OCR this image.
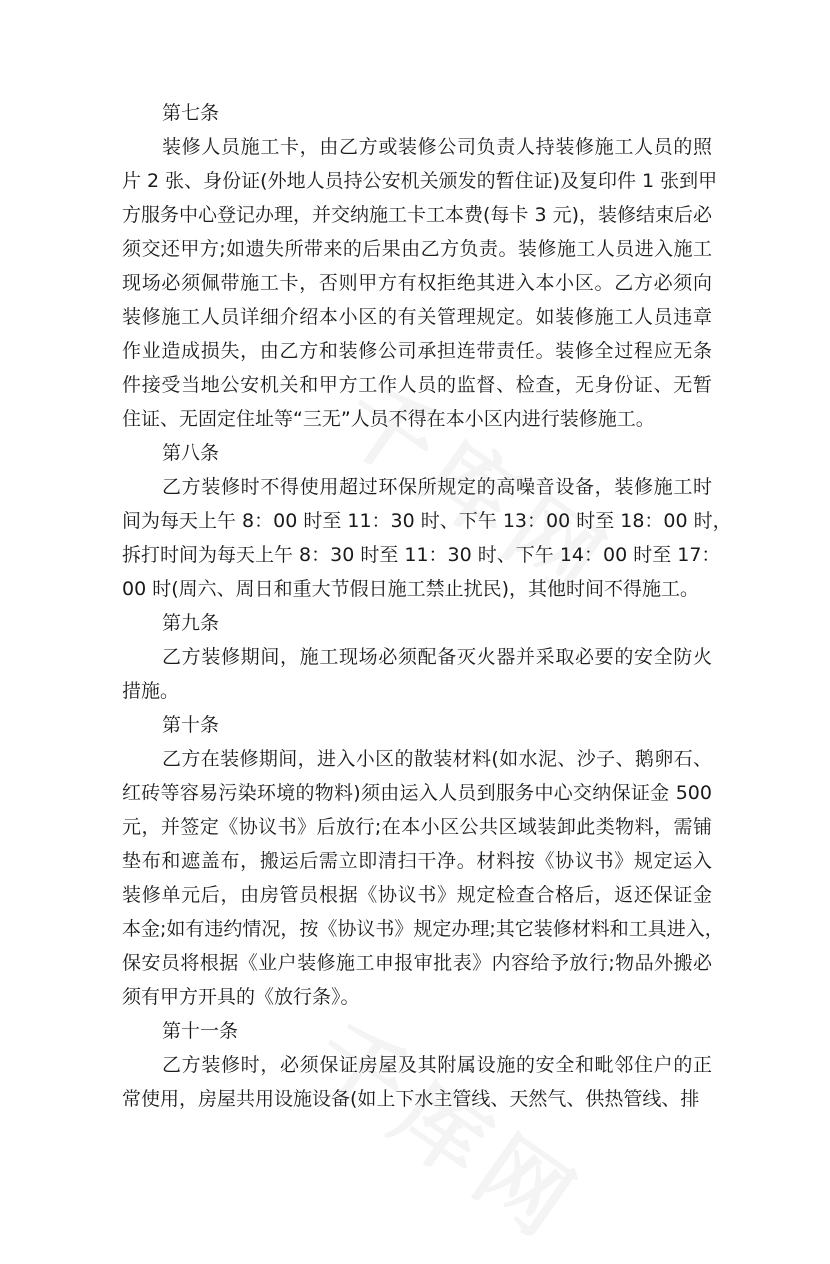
第七条
装修人员施工卡，由乙方或装修公司负责人持装修施工人员的照
片 2 张、身份证(外地人员持公安机关颁发的暂住证)及复印件 1 张到甲
方服务中心登记办理，并交纳施工卡工本费(每卡 3 元)，装修结束后必
须交还甲方;如遗失所带来的后果由乙方负责。装修施工人员进入施工
现场必须佩带施工卡，否则甲方有权拒绝其进入本小区。乙方必须向
装修施工人员详细介绍本小区的有关管理规定。如装修施工人员违章
作业造成损失，由乙方和装修公司承担连带责任。装修全过程应无条
件接受当地公安机关和甲方工作人员的监督、检查，无身份证、无暂
住证、无固定住址等“三无”人员不得在本小区内进行装修施工。
第八条
乙方装修时不得使用超过环保所规定的高噪音设备，装修施工时
间为每天上午 8：00 时至 11：30 时、下午 13：00 时至 18：00 时，
拆打时间为每天上午 8：30 时至 11：30 时、下午 14：00 时至 17：
00 时(周六、周日和重大节假日施工禁止扰民)，其他时间不得施工。
第九条
乙方装修期间，施工现场必须配备灭火器并采取必要的安全防火
措施。
第十条
乙方在装修期间，进入小区的散装材料(如水泥、沙子、鹅卵石、
红砖等容易污染环境的物料)须由运入人员到服务中心交纳保证金 500
元，并签定《协议书》后放行;在本小区公共区域装卸此类物料，需铺
垫布和遮盖布，搬运后需立即清扫干净。材料按《协议书》规定运入
装修单元后，由房管员根据《协议书》规定检查合格后，返还保证金
本金;如有违约情况，按《协议书》规定办理;其它装修材料和工具进入，
保安员将根据《业户装修施工申报审批表》内容给予放行;物品外搬必
须有甲方开具的《放行条》。
第十一条
乙方装修时，必须保证房屋及其附属设施的安全和毗邻住户的正
常使用，房屋共用设施设备(如上下水主管线、天然气、供热管线、排
